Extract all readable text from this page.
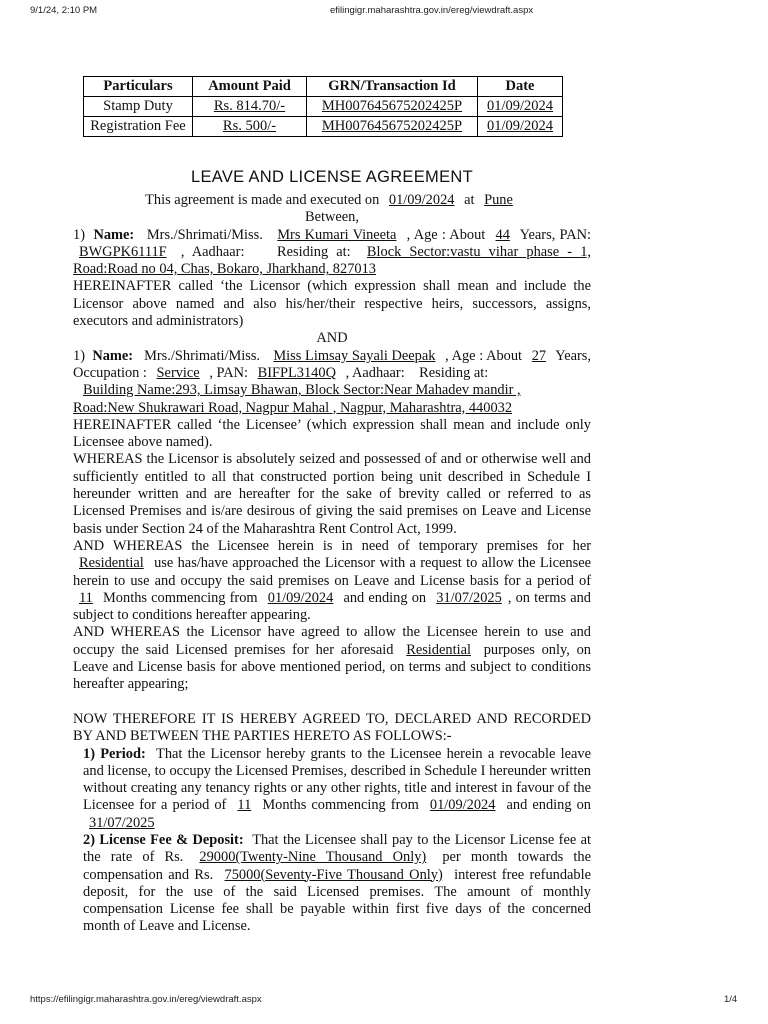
9/1/24, 2:10 PM	efilingigr.maharashtra.gov.in/ereg/viewdraft.aspx
Particulars	Amount Paid	GRN/Transaction Id	Date
Stamp Duty	Rs. 814.70/-	MH007645675202425P	01/09/2024
Registration Fee	Rs. 500/-	MH007645675202425P	01/09/2024
LEAVE AND LICENSE AGREEMENT

This agreement is made and executed on 01/09/2024 at Pune

Between,

1) Name: Mrs./Shrimati/Miss. Mrs Kumari Vineeta , Age : About 44 Years, PAN: BWGPK6111F , Aadhaar: Residing at: Block Sector:vastu vihar phase - 1, Road:Road no 04, Chas, Bokaro, Jharkhand, 827013

HEREINAFTER called ‘the Licensor (which expression shall mean and include the Licensor above named and also his/her/their respective heirs, successors, assigns, executors and administrators)

AND

1) Name: Mrs./Shrimati/Miss. Miss Limsay Sayali Deepak , Age : About 27 Years, Occupation : Service , PAN: BIFPL3140Q , Aadhaar: Residing at:
Building Name:293, Limsay Bhawan, Block Sector:Near Mahadev mandir ,
Road:New Shukrawari Road, Nagpur Mahal , Nagpur, Maharashtra, 440032

HEREINAFTER called ‘the Licensee’ (which expression shall mean and include only Licensee above named).

WHEREAS the Licensor is absolutely seized and possessed of and or otherwise well and sufficiently entitled to all that constructed portion being unit described in Schedule I hereunder written and are hereafter for the sake of brevity called or referred to as Licensed Premises and is/are desirous of giving the said premises on Leave and License basis under Section 24 of the Maharashtra Rent Control Act, 1999.

AND WHEREAS the Licensee herein is in need of temporary premises for her Residential use has/have approached the Licensor with a request to allow the Licensee herein to use and occupy the said premises on Leave and License basis for a period of 11 Months commencing from 01/09/2024 and ending on 31/07/2025 , on terms and subject to conditions hereafter appearing.

AND WHEREAS the Licensor have agreed to allow the Licensee herein to use and occupy the said Licensed premises for her aforesaid Residential purposes only, on Leave and License basis for above mentioned period, on terms and subject to conditions hereafter appearing;

NOW THEREFORE IT IS HEREBY AGREED TO, DECLARED AND RECORDED BY AND BETWEEN THE PARTIES HERETO AS FOLLOWS:-

1) Period: That the Licensor hereby grants to the Licensee herein a revocable leave and license, to occupy the Licensed Premises, described in Schedule I hereunder written without creating any tenancy rights or any other rights, title and interest in favour of the Licensee for a period of 11 Months commencing from 01/09/2024 and ending on 31/07/2025

2) License Fee & Deposit: That the Licensee shall pay to the Licensor License fee at the rate of Rs. 29000(Twenty-Nine Thousand Only) per month towards the compensation and Rs. 75000(Seventy-Five Thousand Only) interest free refundable deposit, for the use of the said Licensed premises. The amount of monthly compensation License fee shall be payable within first five days of the concerned month of Leave and License.

https://efilingigr.maharashtra.gov.in/ereg/viewdraft.aspx	1/4
